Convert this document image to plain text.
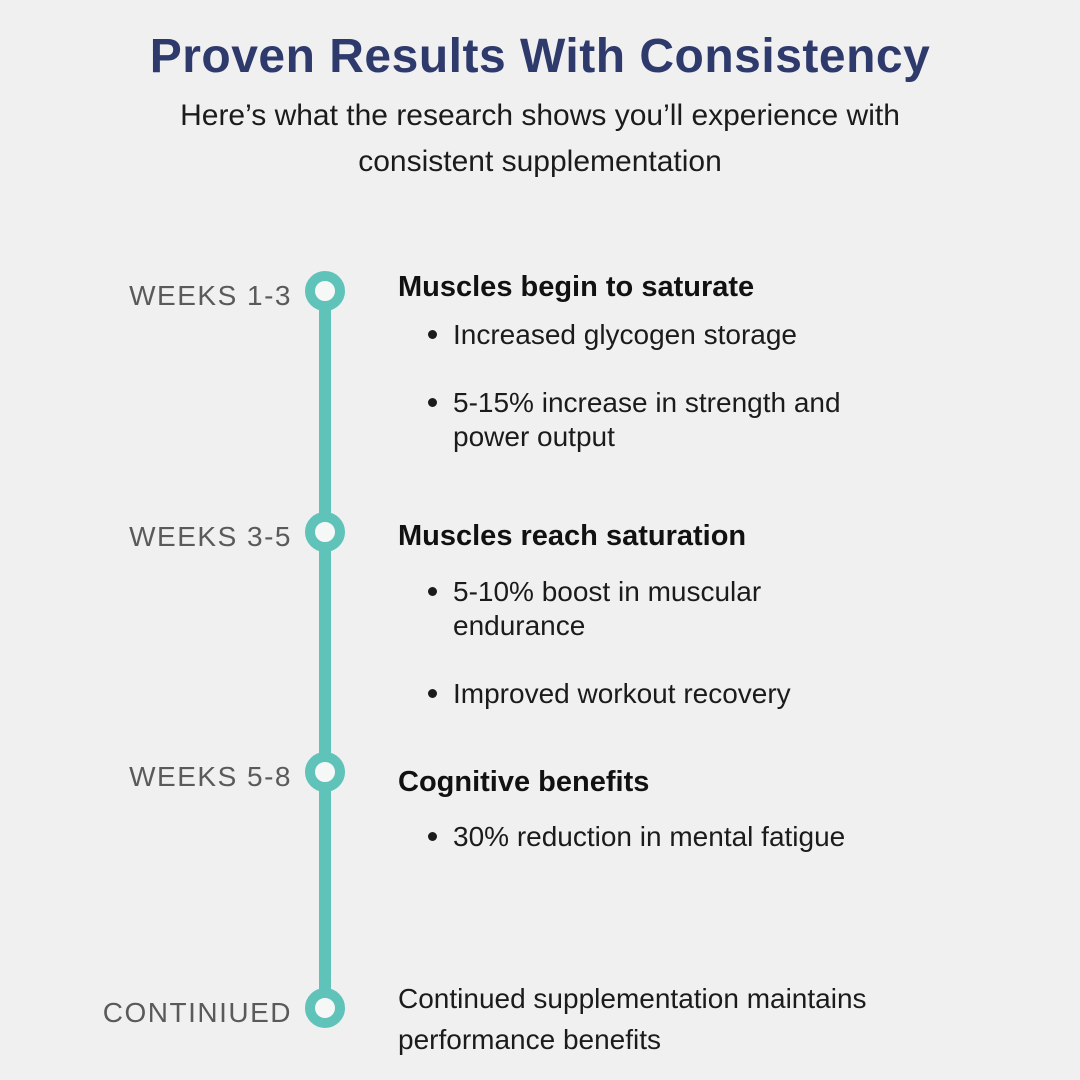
Proven Results With Consistency

Here’s what the research shows you’ll experience with consistent supplementation

WEEKS 1-3
WEEKS 3-5
WEEKS 5-8
CONTINIUED
Muscles begin to saturate
Increased glycogen storage
5-15% increase in strength and power output
Muscles reach saturation
5-10% boost in muscular endurance
Improved workout recovery
Cognitive benefits
30% reduction in mental fatigue
Continued supplementation maintains performance benefits
